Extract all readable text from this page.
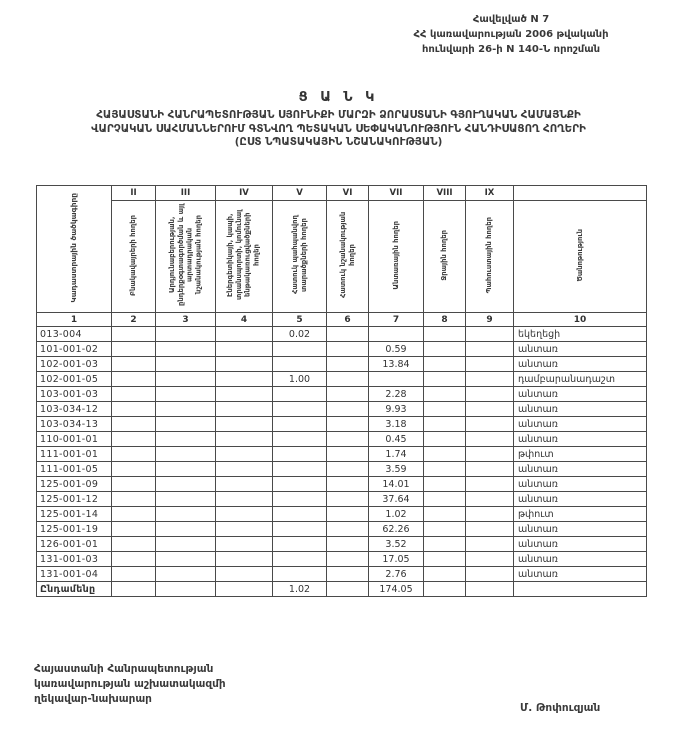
Հավելված N 7
ՀՀ կառավարության 2006 թվականի
հունվարի 26-ի N 140-Ն որոշման
Ց Ա Ն Կ
ՀԱՅԱՍՏԱՆԻ ՀԱՆՐԱՊԵՏՈՒԹՅԱՆ ՍՅՈՒՆԻՔԻ ՄԱՐԶԻ ՁՈՐԱՍՏԱՆԻ ԳՅՈՒՂԱԿԱՆ ՀԱՄԱՅՆՔԻ
ՎԱՐՉԱԿԱՆ ՍԱՀՄԱՆՆԵՐՈՒՄ ԳՏՆՎՈՂ ՊԵՏԱԿԱՆ ՍԵՓԱԿԱՆՈՒԹՅՈՒՆ ՀԱՆԴԻՍԱՑՈՂ ՀՈՂԵՐԻ
(ԸՍՏ ՆՊԱՏԱԿԱՅԻՆ ՆՇԱՆԱԿՈՒԹՅԱՆ)
Կադաստրային ծածկագիրը	II	III	IV	V	VI	VII	VIII	IX	
	Բնակավայրերի հողեր	Արդյունաբերության, ընդերքօգտագործման և այլ արտադրական նշանակության հողեր	Էներգետիկայի, կապի, տրանսպորտի, կոմունալ ենթակառուցվածքների հողեր	Հատուկ պահպանվող տարածքների հողեր	Հատուկ նշանակության հողեր	Անտառային հողեր	Ջրային հողեր	Պահուստային հողեր	Ծանոթություն
1	2	3	4	5	6	7	8	9	10
013-004				0.02					եկեղեցի
101-001-02						0.59			անտառ
102-001-03						13.84			անտառ
102-001-05				1.00					դամբարանադաշտ
103-001-03						2.28			անտառ
103-034-12						9.93			անտառ
103-034-13						3.18			անտառ
110-001-01						0.45			անտառ
111-001-01						1.74			թփուտ
111-001-05						3.59			անտառ
125-001-09						14.01			անտառ
125-001-12						37.64			անտառ
125-001-14						1.02			թփուտ
125-001-19						62.26			անտառ
126-001-01						3.52			անտառ
131-001-03						17.05			անտառ
131-001-04						2.76			անտառ
Ընդամենը				1.02		174.05			
Հայաստանի Հանրապետության
կառավարության աշխատակազմի
ղեկավար-նախարար
Մ. Թոփուզյան
